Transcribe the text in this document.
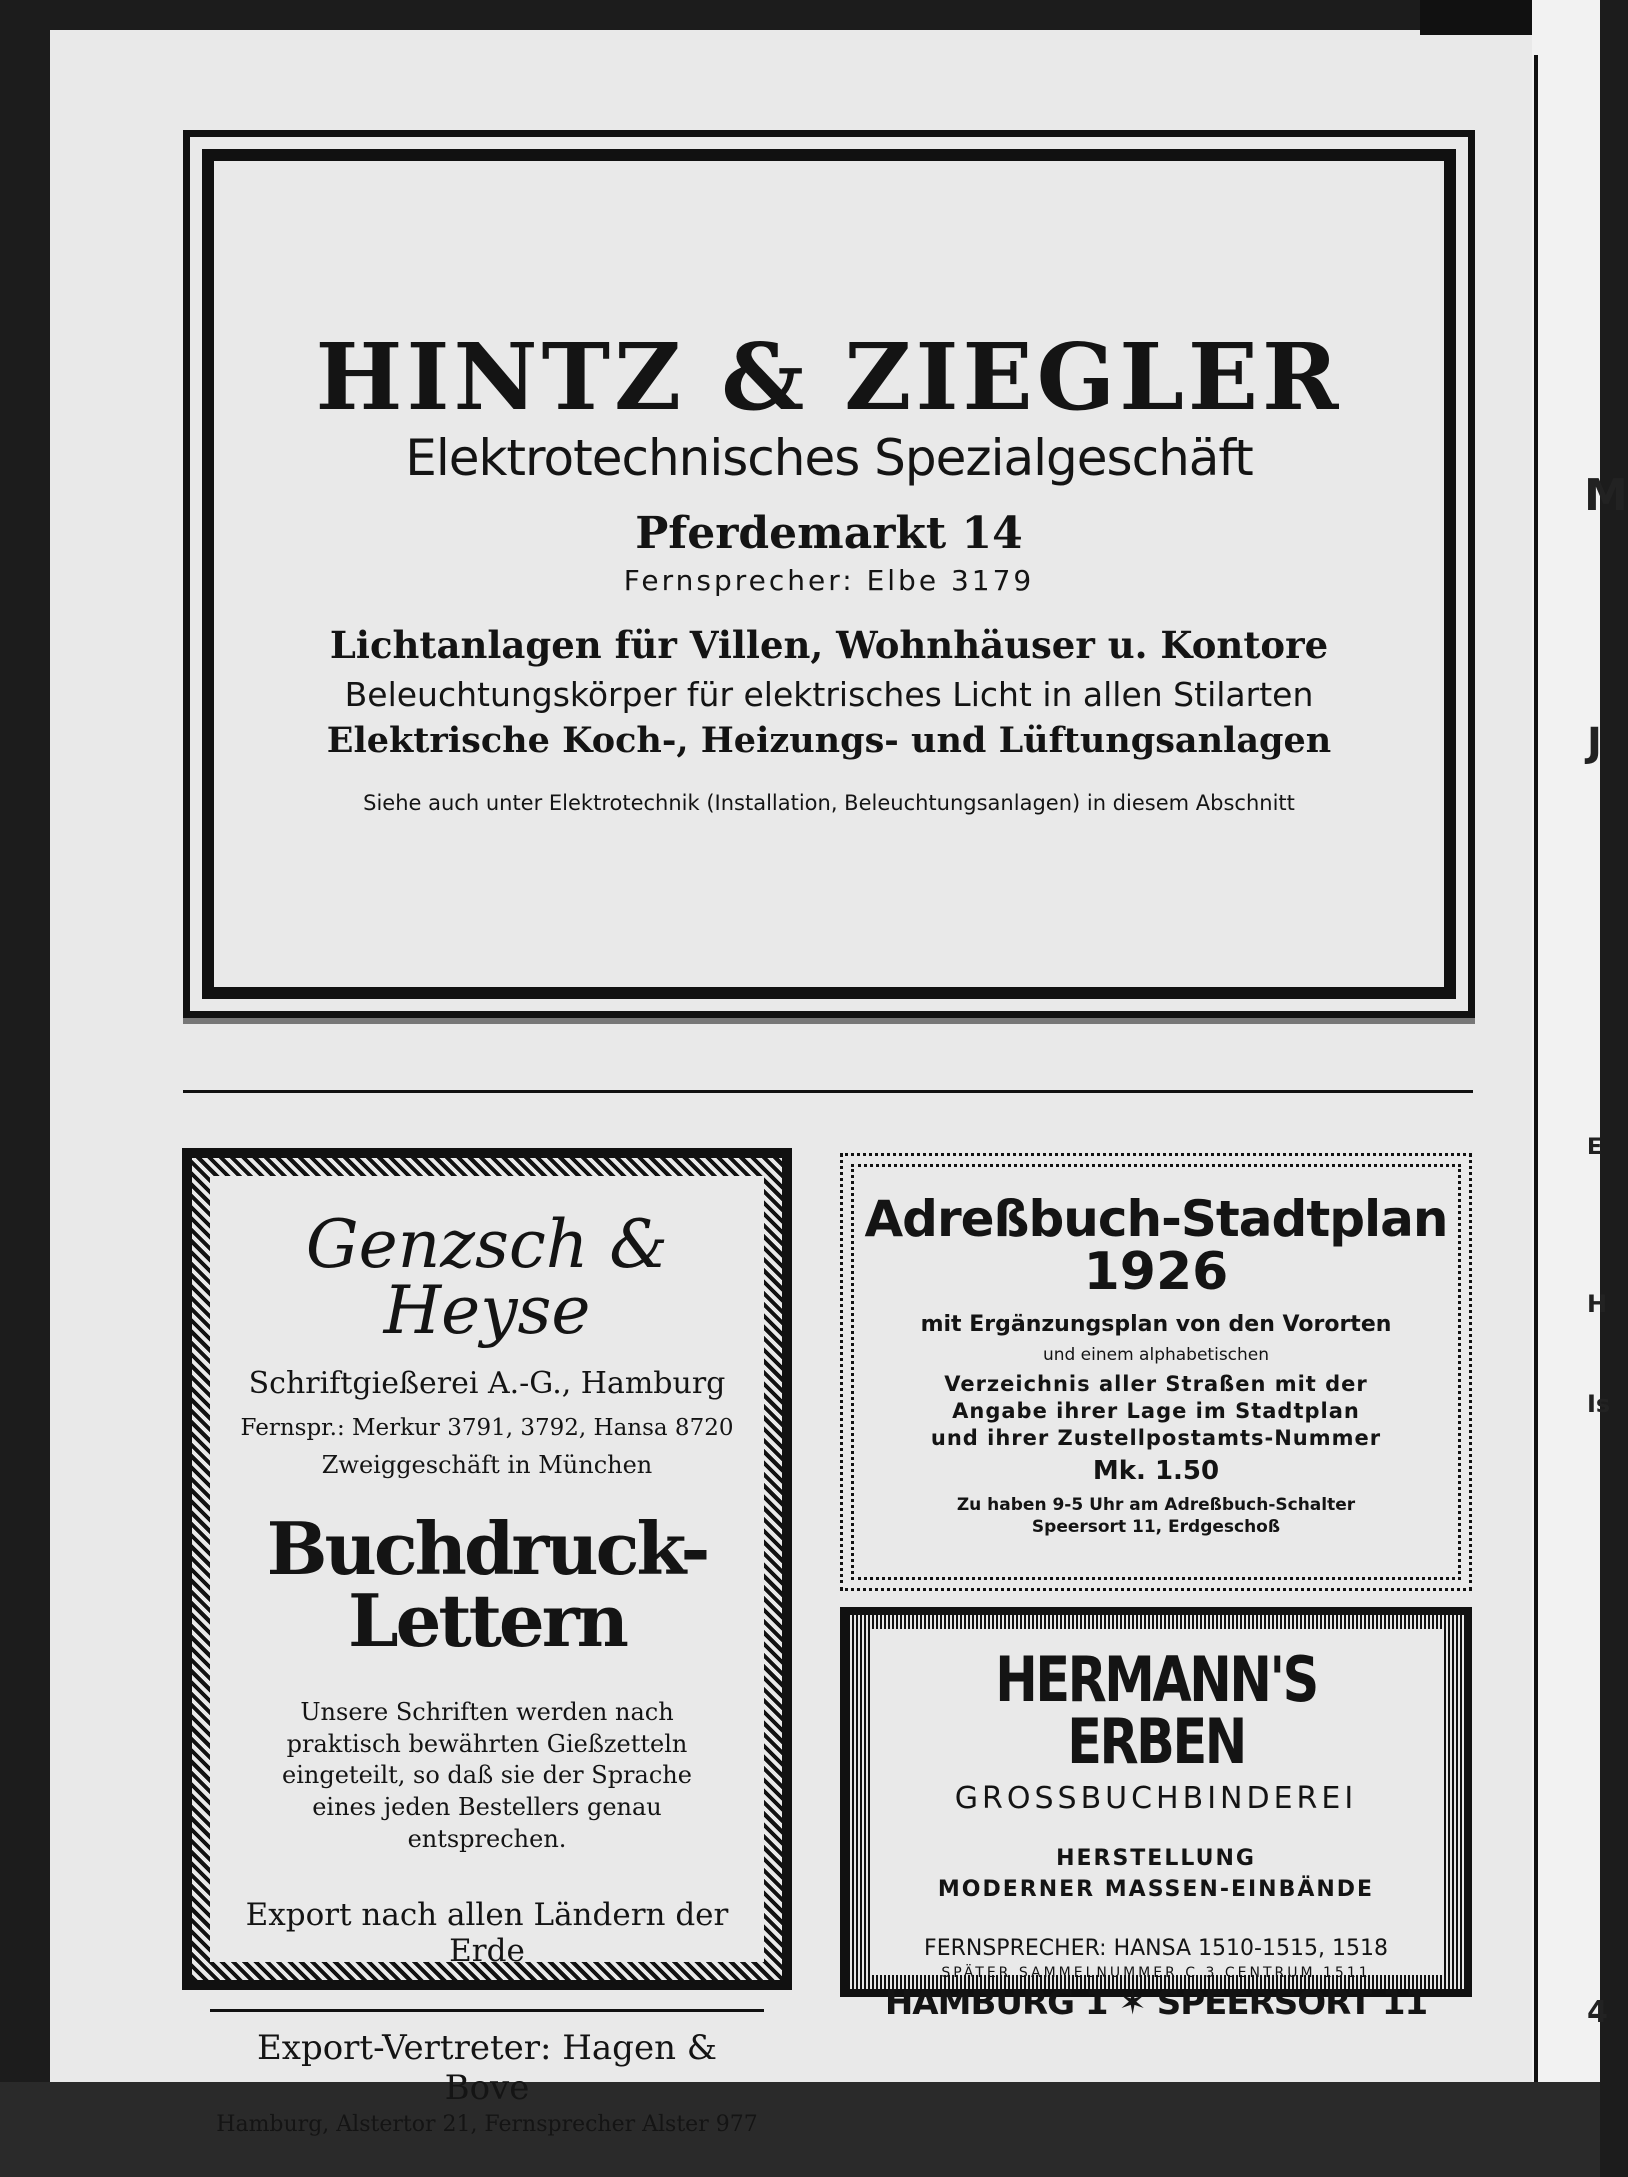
M
J
H
Is
E
4
HINTZ & ZIEGLER
Elektrotechnisches Spezialgeschäft
Pferdemarkt 14
Fernsprecher: Elbe 3179
Lichtanlagen für Villen, Wohnhäuser u. Kontore
Beleuchtungskörper für elektrisches Licht in allen Stilarten
Elektrische Koch-, Heizungs- und Lüftungsanlagen
Siehe auch unter Elektrotechnik (Installation, Beleuchtungsanlagen) in diesem Abschnitt
Genzsch & Heyse
Schriftgießerei A.-G., Hamburg
Fernspr.: Merkur 3791, 3792, Hansa 8720
Zweiggeschäft in München
Buchdruck-Lettern
Unsere Schriften werden nach praktisch bewährten Gießzetteln eingeteilt, so daß sie der Sprache eines jeden Bestellers genau entsprechen.
Export nach allen Ländern der Erde
Export-Vertreter: Hagen & Bove
Hamburg, Alstertor 21, Fernsprecher Alster 977
Adreßbuch-Stadtplan
1926
mit Ergänzungsplan von den Vororten
und einem alphabetischen
Verzeichnis aller Straßen mit der
Angabe ihrer Lage im Stadtplan
und ihrer Zustellpostamts-Nummer
Mk. 1.50
Zu haben 9-5 Uhr am Adreßbuch-Schalter
Speersort 11, Erdgeschoß
HERMANN'S ERBEN
GROSSBUCHBINDEREI
HERSTELLUNG
MODERNER MASSEN-EINBÄNDE
FERNSPRECHER: HANSA 1510-1515, 1518
SPÄTER SAMMELNUMMER C 3 CENTRUM 1511
HAMBURG 1 ✶ SPEERSORT 11
